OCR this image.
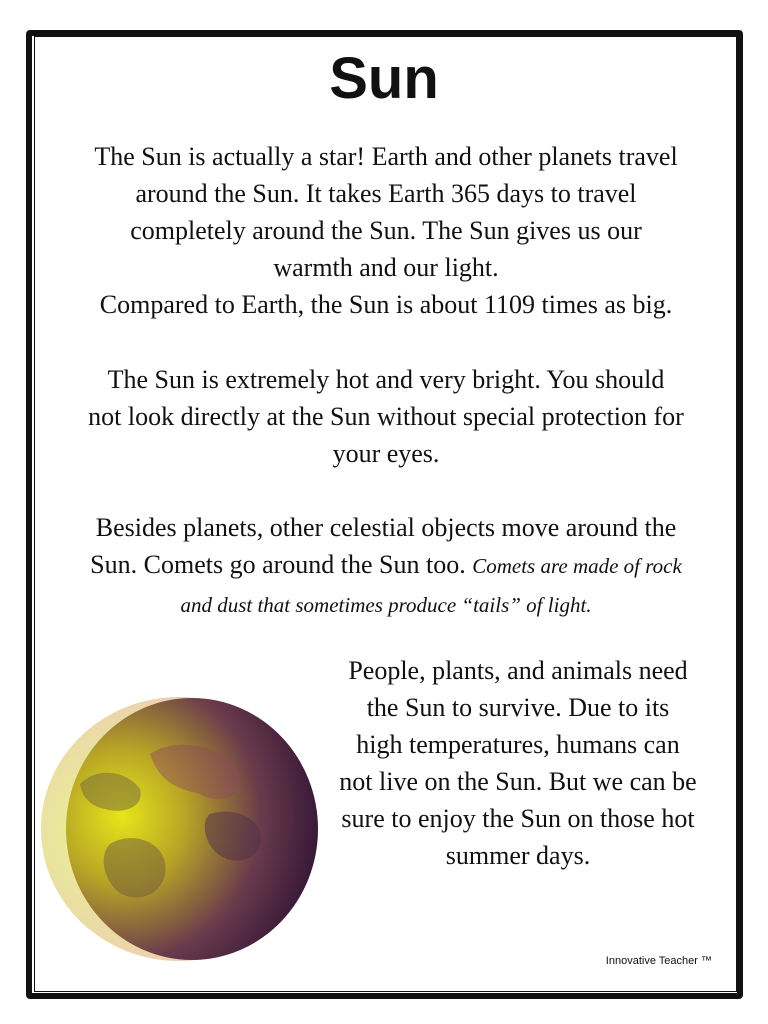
Sun

The Sun is actually a star! Earth and other planets travel
around the Sun. It takes Earth 365 days to travel
completely around the Sun. The Sun gives us our
warmth and our light.
Compared to Earth, the Sun is about 1109 times as big.

The Sun is extremely hot and very bright. You should
not look directly at the Sun without special protection for
your eyes.

Besides planets, other celestial objects move around the
Sun. Comets go around the Sun too. Comets are made of rock
and dust that sometimes produce “tails” of light.

People, plants, and animals need
the Sun to survive. Due to its
high temperatures, humans can
not live on the Sun. But we can be
sure to enjoy the Sun on those hot
summer days.

Innovative Teacher ™
